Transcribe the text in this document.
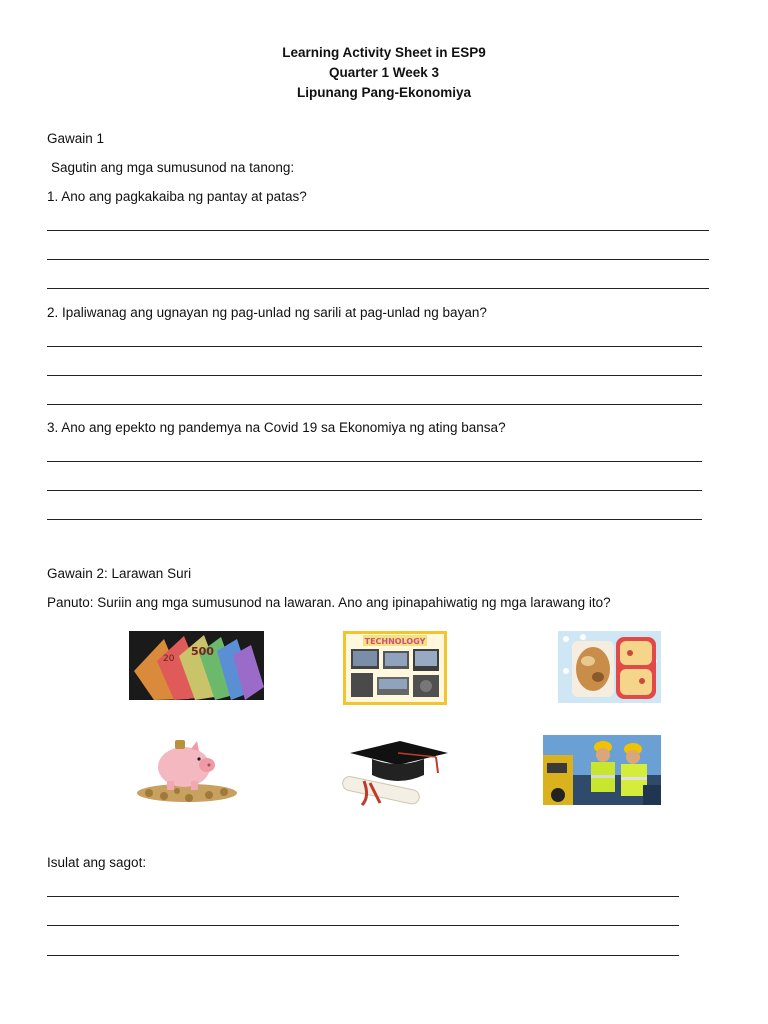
Learning Activity Sheet in ESP9
Quarter 1 Week 3
Lipunang Pang-Ekonomiya
Gawain 1
Sagutin ang mga sumusunod na tanong:
1. Ano ang pagkakaiba ng pantay at patas?
2. Ipaliwanag ang ugnayan ng pag-unlad ng sarili at pag-unlad ng bayan?
3. Ano ang epekto ng pandemya na Covid 19 sa Ekonomiya ng ating bansa?
Gawain 2: Larawan Suri
Panuto: Suriin ang mga sumusunod na lawaran. Ano ang ipinapahiwatig ng mga larawang ito?
500
20
TECHNOLOGY
Isulat ang sagot:
